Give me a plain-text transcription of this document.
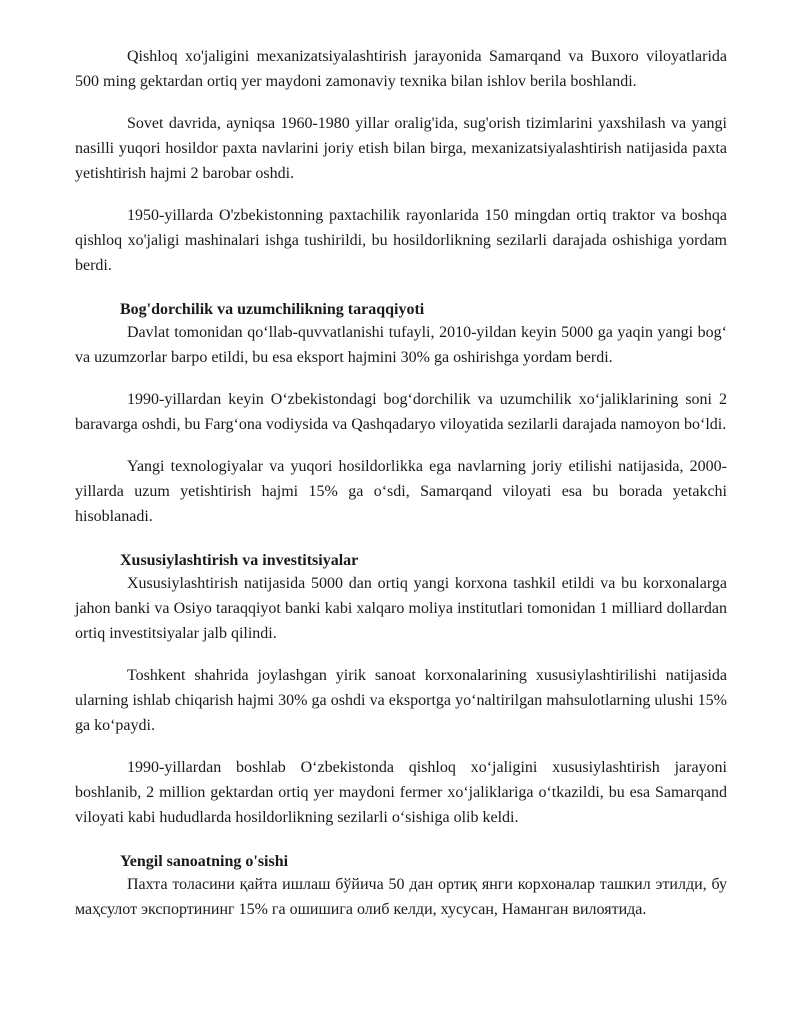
Qishloq xo'jaligini mexanizatsiyalashtirish jarayonida Samarqand va Buxoro viloyatlarida 500 ming gektardan ortiq yer maydoni zamonaviy texnika bilan ishlov berila boshlandi.

Sovet davrida, ayniqsa 1960-1980 yillar oralig'ida, sug'orish tizimlarini yaxshilash va yangi nasilli yuqori hosildor paxta navlarini joriy etish bilan birga, mexanizatsiyalashtirish natijasida paxta yetishtirish hajmi 2 barobar oshdi.

1950-yillarda O'zbekistonning paxtachilik rayonlarida 150 mingdan ortiq traktor va boshqa qishloq xo'jaligi mashinalari ishga tushirildi, bu hosildorlikning sezilarli darajada oshishiga yordam berdi.

Bog'dorchilik va uzumchilikning taraqqiyoti

Davlat tomonidan qo‘llab-quvvatlanishi tufayli, 2010-yildan keyin 5000 ga yaqin yangi bog‘ va uzumzorlar barpo etildi, bu esa eksport hajmini 30% ga oshirishga yordam berdi.

1990-yillardan keyin O‘zbekistondagi bog‘dorchilik va uzumchilik xo‘jaliklarining soni 2 baravarga oshdi, bu Farg‘ona vodiysida va Qashqadaryo viloyatida sezilarli darajada namoyon bo‘ldi.

Yangi texnologiyalar va yuqori hosildorlikka ega navlarning joriy etilishi natijasida, 2000-yillarda uzum yetishtirish hajmi 15% ga o‘sdi, Samarqand viloyati esa bu borada yetakchi hisoblanadi.

Xususiylashtirish va investitsiyalar

Xususiylashtirish natijasida 5000 dan ortiq yangi korxona tashkil etildi va bu korxonalarga jahon banki va Osiyo taraqqiyot banki kabi xalqaro moliya institutlari tomonidan 1 milliard dollardan ortiq investitsiyalar jalb qilindi.

Toshkent shahrida joylashgan yirik sanoat korxonalarining xususiylashtirilishi natijasida ularning ishlab chiqarish hajmi 30% ga oshdi va eksportga yo‘naltirilgan mahsulotlarning ulushi 15% ga ko‘paydi.

1990-yillardan boshlab O‘zbekistonda qishloq xo‘jaligini xususiylashtirish jarayoni boshlanib, 2 million gektardan ortiq yer maydoni fermer xo‘jaliklariga o‘tkazildi, bu esa Samarqand viloyati kabi hududlarda hosildorlikning sezilarli o‘sishiga olib keldi.

Yengil sanoatning o'sishi

Пахта толасини қайта ишлаш бўйича 50 дан ортиқ янги корхоналар ташкил этилди, бу маҳсулот экспортининг 15% га ошишига олиб келди, хусусан, Наманган вилоятида.
